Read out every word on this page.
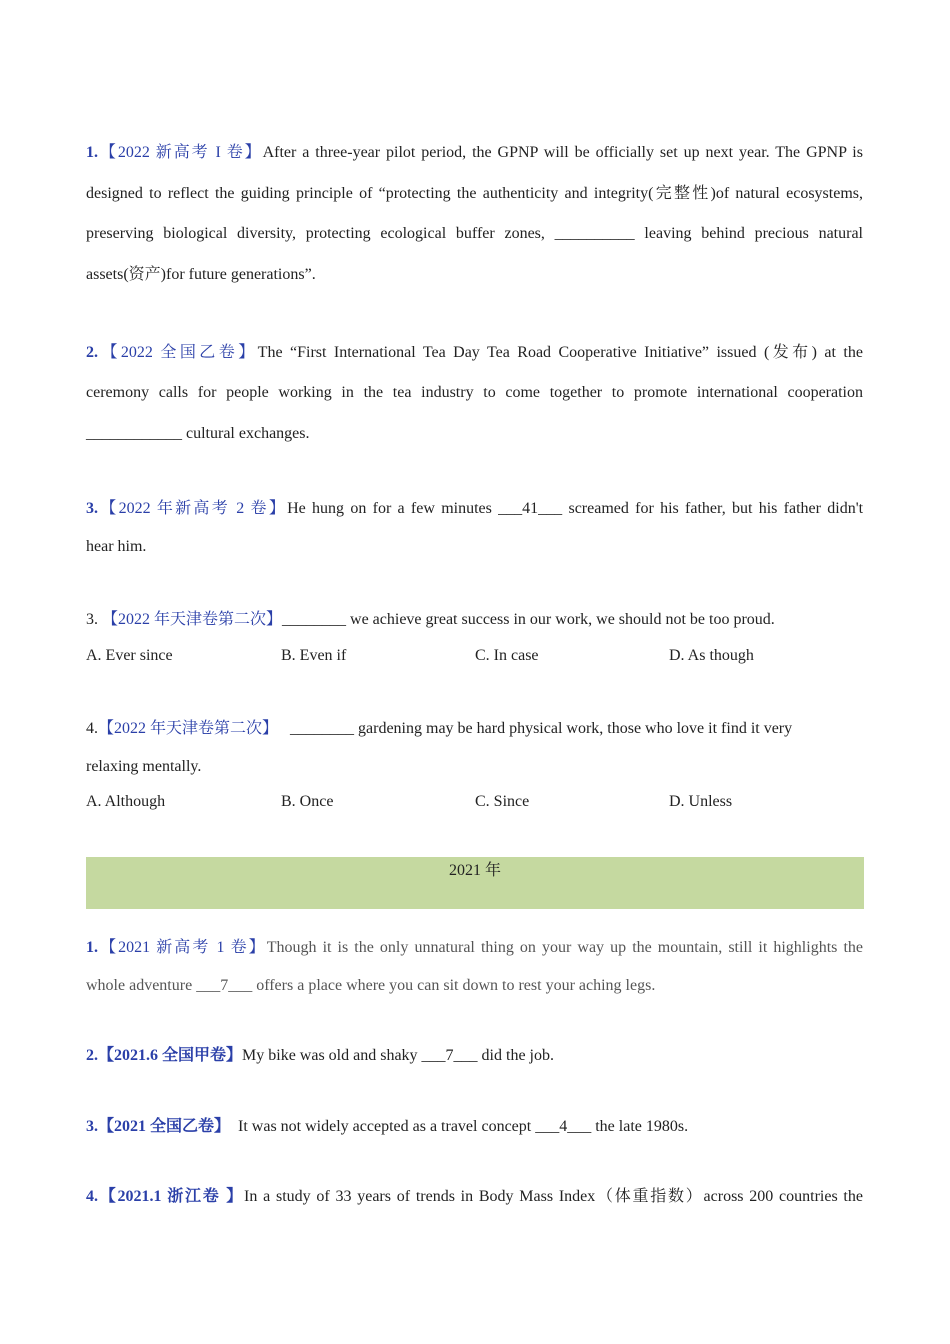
1.【2022 新高考 I 卷】After a three-year pilot period, the GPNP will be officially set up next year. The GPNP is
designed to reflect the guiding principle of “protecting the authenticity and integrity(完整性)of natural ecosystems,
preserving biological diversity, protecting ecological buffer zones, __________ leaving behind precious natural
assets(资产)for future generations”.
2.【2022 全国乙卷】The “First International Tea Day Tea Road Cooperative Initiative” issued (发布) at the
ceremony calls for people working in the tea industry to come together to promote international cooperation
____________ cultural exchanges.
3.【2022 年新高考 2 卷】He hung on for a few minutes ___41___ screamed for his father, but his father didn't
hear him.
3. 【2022 年天津卷第二次】________ we achieve great success in our work, we should not be too proud.
A. Ever since	B. Even if	C. In case	D. As though
4.【2022 年天津卷第二次】 ________ gardening may be hard physical work, those who love it find it very
relaxing mentally.
A. Although	B. Once	C. Since	D. Unless
2021 年
1.【2021 新高考 1 卷】Though it is the only unnatural thing on your way up the mountain, still it highlights the
whole adventure ___7___ offers a place where you can sit down to rest your aching legs.
2.【2021.6 全国甲卷】My bike was old and shaky ___7___ did the job.
3.【2021 全国乙卷】 It was not widely accepted as a travel concept ___4___ the late 1980s.
4.【2021.1 浙江卷 】In a study of 33 years of trends in Body Mass Index（体重指数）across 200 countries the
